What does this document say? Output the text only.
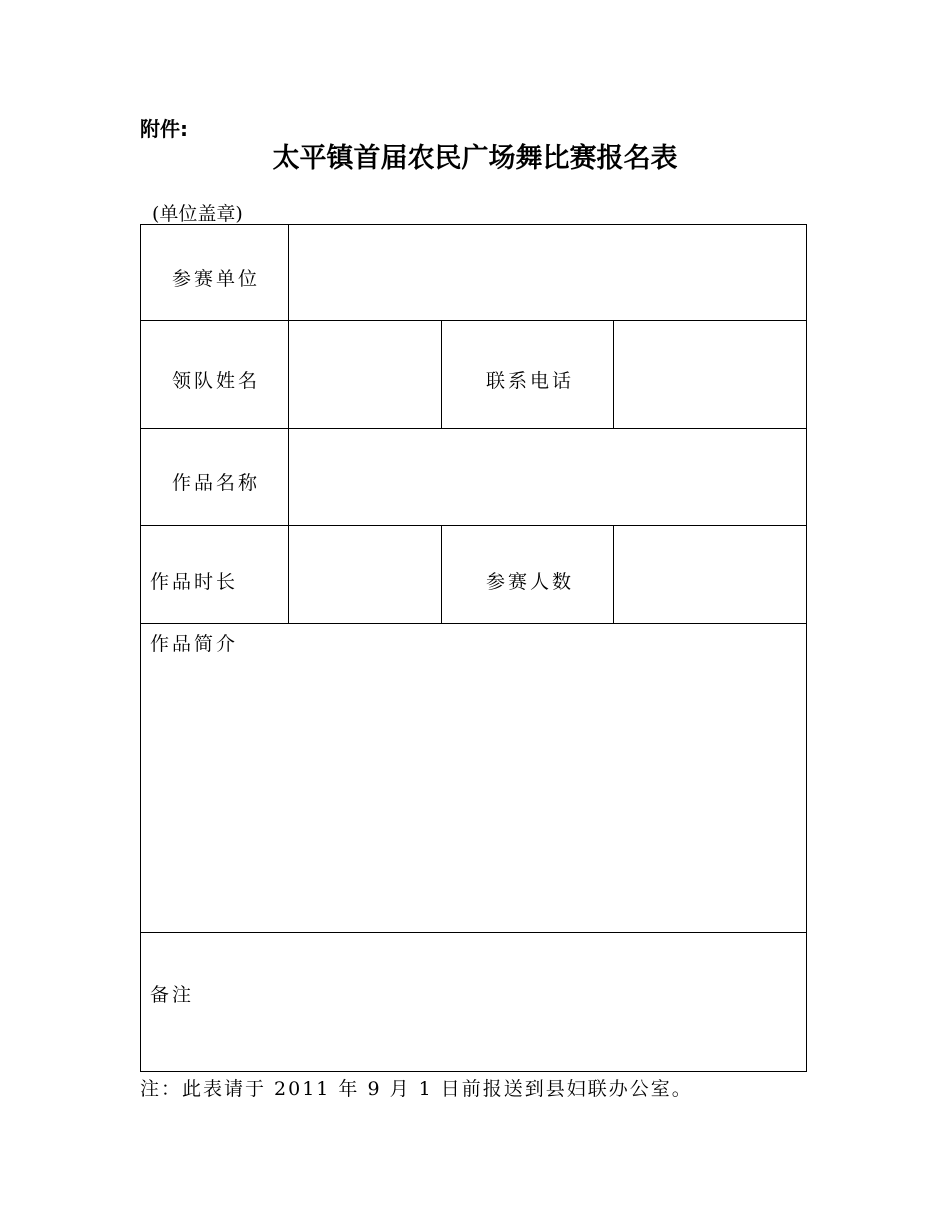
附件:
太平镇首届农民广场舞比赛报名表
(单位盖章)
参赛单位
领队姓名	联系电话
作品名称
作品时长	参赛人数
作品简介
备注
注：此表请于 2011 年 9 月 1 日前报送到县妇联办公室。
